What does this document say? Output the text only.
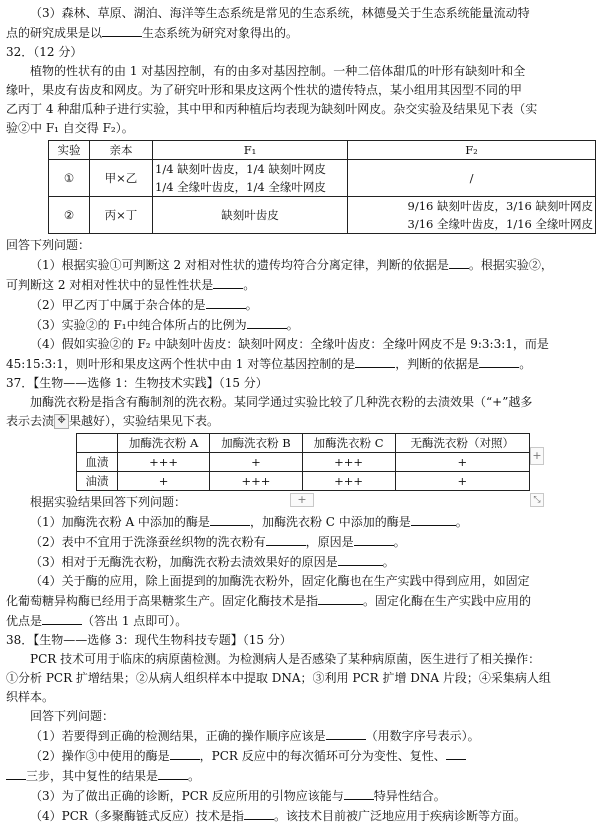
（3）森林、草原、湖泊、海洋等生态系统是常见的生态系统，林德曼关于生态系统能量流动特

点的研究成果是以	生态系统为研究对象得出的。

32．（12 分）

植物的性状有的由 1 对基因控制，有的由多对基因控制。一种二倍体甜瓜的叶形有缺刻叶和全

缘叶，果皮有齿皮和网皮。为了研究叶形和果皮这两个性状的遗传特点，某小组用其因型不同的甲

乙丙丁 4 种甜瓜种子进行实验，其中甲和丙种植后均表现为缺刻叶网皮。杂交实验及结果见下表（实

验②中 F₁ 自交得 F₂）。

实验	亲本	F₁	F₂
①	甲×乙	1/4 缺刻叶齿皮，1/4 缺刻叶网皮
1/4 全缘叶齿皮，1/4 全缘叶网皮	/
②	丙×丁	缺刻叶齿皮	9/16 缺刻叶齿皮，3/16 缺刻叶网皮
3/16 全缘叶齿皮，1/16 全缘叶网皮

回答下列问题：

（1）根据实验①可判断这 2 对相对性状的遗传均符合分离定律，判断的依据是 。根据实验②，

可判断这 2 对相对性状中的显性性状是	。

（2）甲乙丙丁中属于杂合体的是	。

（3）实验②的 F₁中纯合体所占的比例为	。

（4）假如实验②的 F₂ 中缺刻叶齿皮：缺刻叶网皮：全缘叶齿皮：全缘叶网皮不是 9:3:3:1，而是

45:15:3:1，则叶形和果皮这两个性状中由 1 对等位基因控制的是	，判断的依据是	。

37．【生物——选修 1：生物技术实践】（15 分）

加酶洗衣粉是指含有酶制剂的洗衣粉。某同学通过实验比较了几种洗衣粉的去渍效果（“+”越多

表示去渍 ✥ 果越好），实验结果见下表。

	加酶洗衣粉 A	加酶洗衣粉 B	加酶洗衣粉 C	无酶洗衣粉（对照）
血渍	+++	+	+++	+
油渍	+	+++	+++	+
+
+	⤡

根据实验结果回答下列问题：

（1）加酶洗衣粉 A 中添加的酶是	，加酶洗衣粉 C 中添加的酶是	。

（2）表中不宜用于洗涤蚕丝织物的洗衣粉有	，原因是	。

（3）相对于无酶洗衣粉，加酶洗衣粉去渍效果好的原因是	。

（4）关于酶的应用，除上面提到的加酶洗衣粉外，固定化酶也在生产实践中得到应用，如固定

化葡萄糖异构酶已经用于高果糖浆生产。固定化酶技术是指	。固定化酶在生产实践中应用的

优点是	（答出 1 点即可）。

38．【生物——选修 3：现代生物科技专题】（15 分）

PCR 技术可用于临床的病原菌检测。为检测病人是否感染了某种病原菌，医生进行了相关操作：

①分析 PCR 扩增结果；②从病人组织样本中提取 DNA；③利用 PCR 扩增 DNA 片段；④采集病人组

织样本。

回答下列问题：

（1）若要得到正确的检测结果，正确的操作顺序应该是	（用数字序号表示）。

（2）操作③中使用的酶是	，PCR 反应中的每次循环可分为变性、复性、

三步，其中复性的结果是	。

（3）为了做出正确的诊断，PCR 反应所用的引物应该能与	特异性结合。

（4）PCR（多聚酶链式反应）技术是指	。该技术目前被广泛地应用于疾病诊断等方面。
